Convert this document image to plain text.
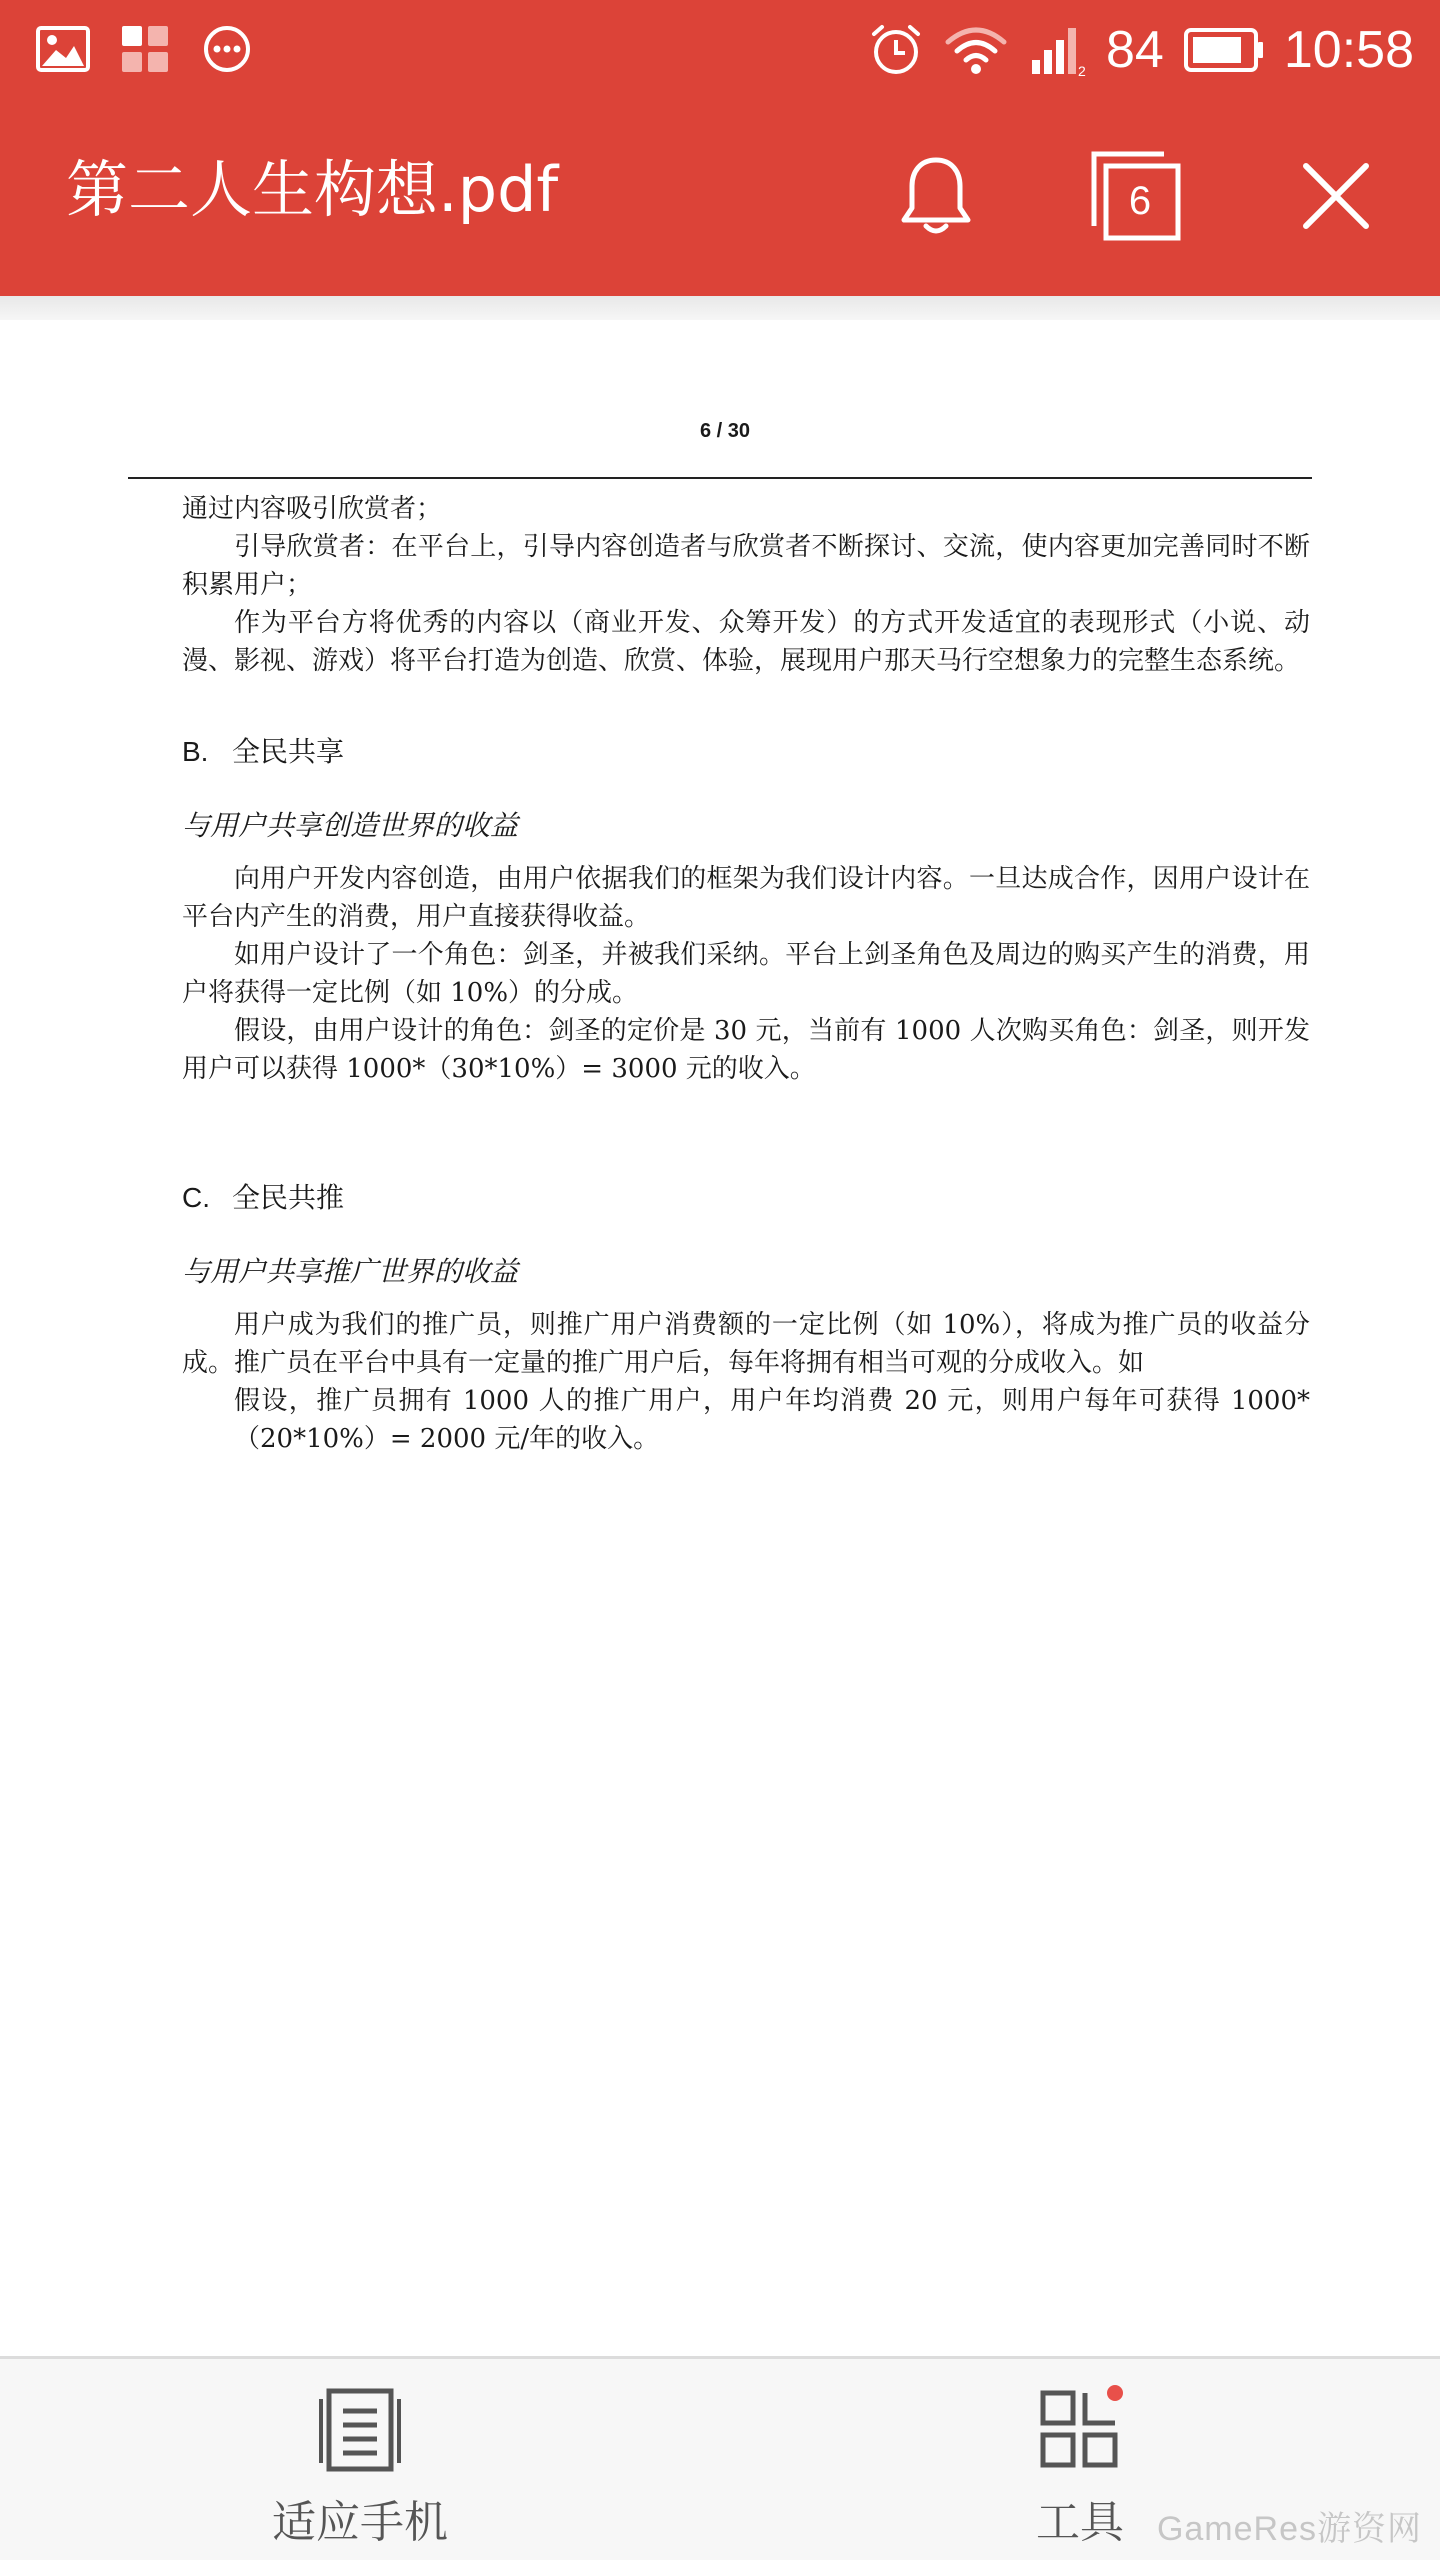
2 84 10:58
第二人生构想.pdf	6
6 / 30

通过内容吸引欣赏者；

引导欣赏者：在平台上，引导内容创造者与欣赏者不断探讨、交流，使内容更加完善同时不断积累用户；

作为平台方将优秀的内容以（商业开发、众筹开发）的方式开发适宜的表现形式（小说、动漫、影视、游戏）将平台打造为创造、欣赏、体验，展现用户那天马行空想象力的完整生态系统。

B. 全民共享

与用户共享创造世界的收益

向用户开发内容创造，由用户依据我们的框架为我们设计内容。一旦达成合作，因用户设计在平台内产生的消费，用户直接获得收益。

如用户设计了一个角色：剑圣，并被我们采纳。平台上剑圣角色及周边的购买产生的消费，用户将获得一定比例（如 10%）的分成。

假设，由用户设计的角色：剑圣的定价是 30 元，当前有 1000 人次购买角色：剑圣，则开发用户可以获得 1000*（30*10%）= 3000 元的收入。

C. 全民共推

与用户共享推广世界的收益

用户成为我们的推广员，则推广用户消费额的一定比例（如 10%），将成为推广员的收益分成。推广员在平台中具有一定量的推广用户后，每年将拥有相当可观的分成收入。如

假设，推广员拥有 1000 人的推广用户，用户年均消费 20 元，则用户每年可获得 1000*（20*10%）= 2000 元/年的收入。

适应手机	工具 GameRes游资网
